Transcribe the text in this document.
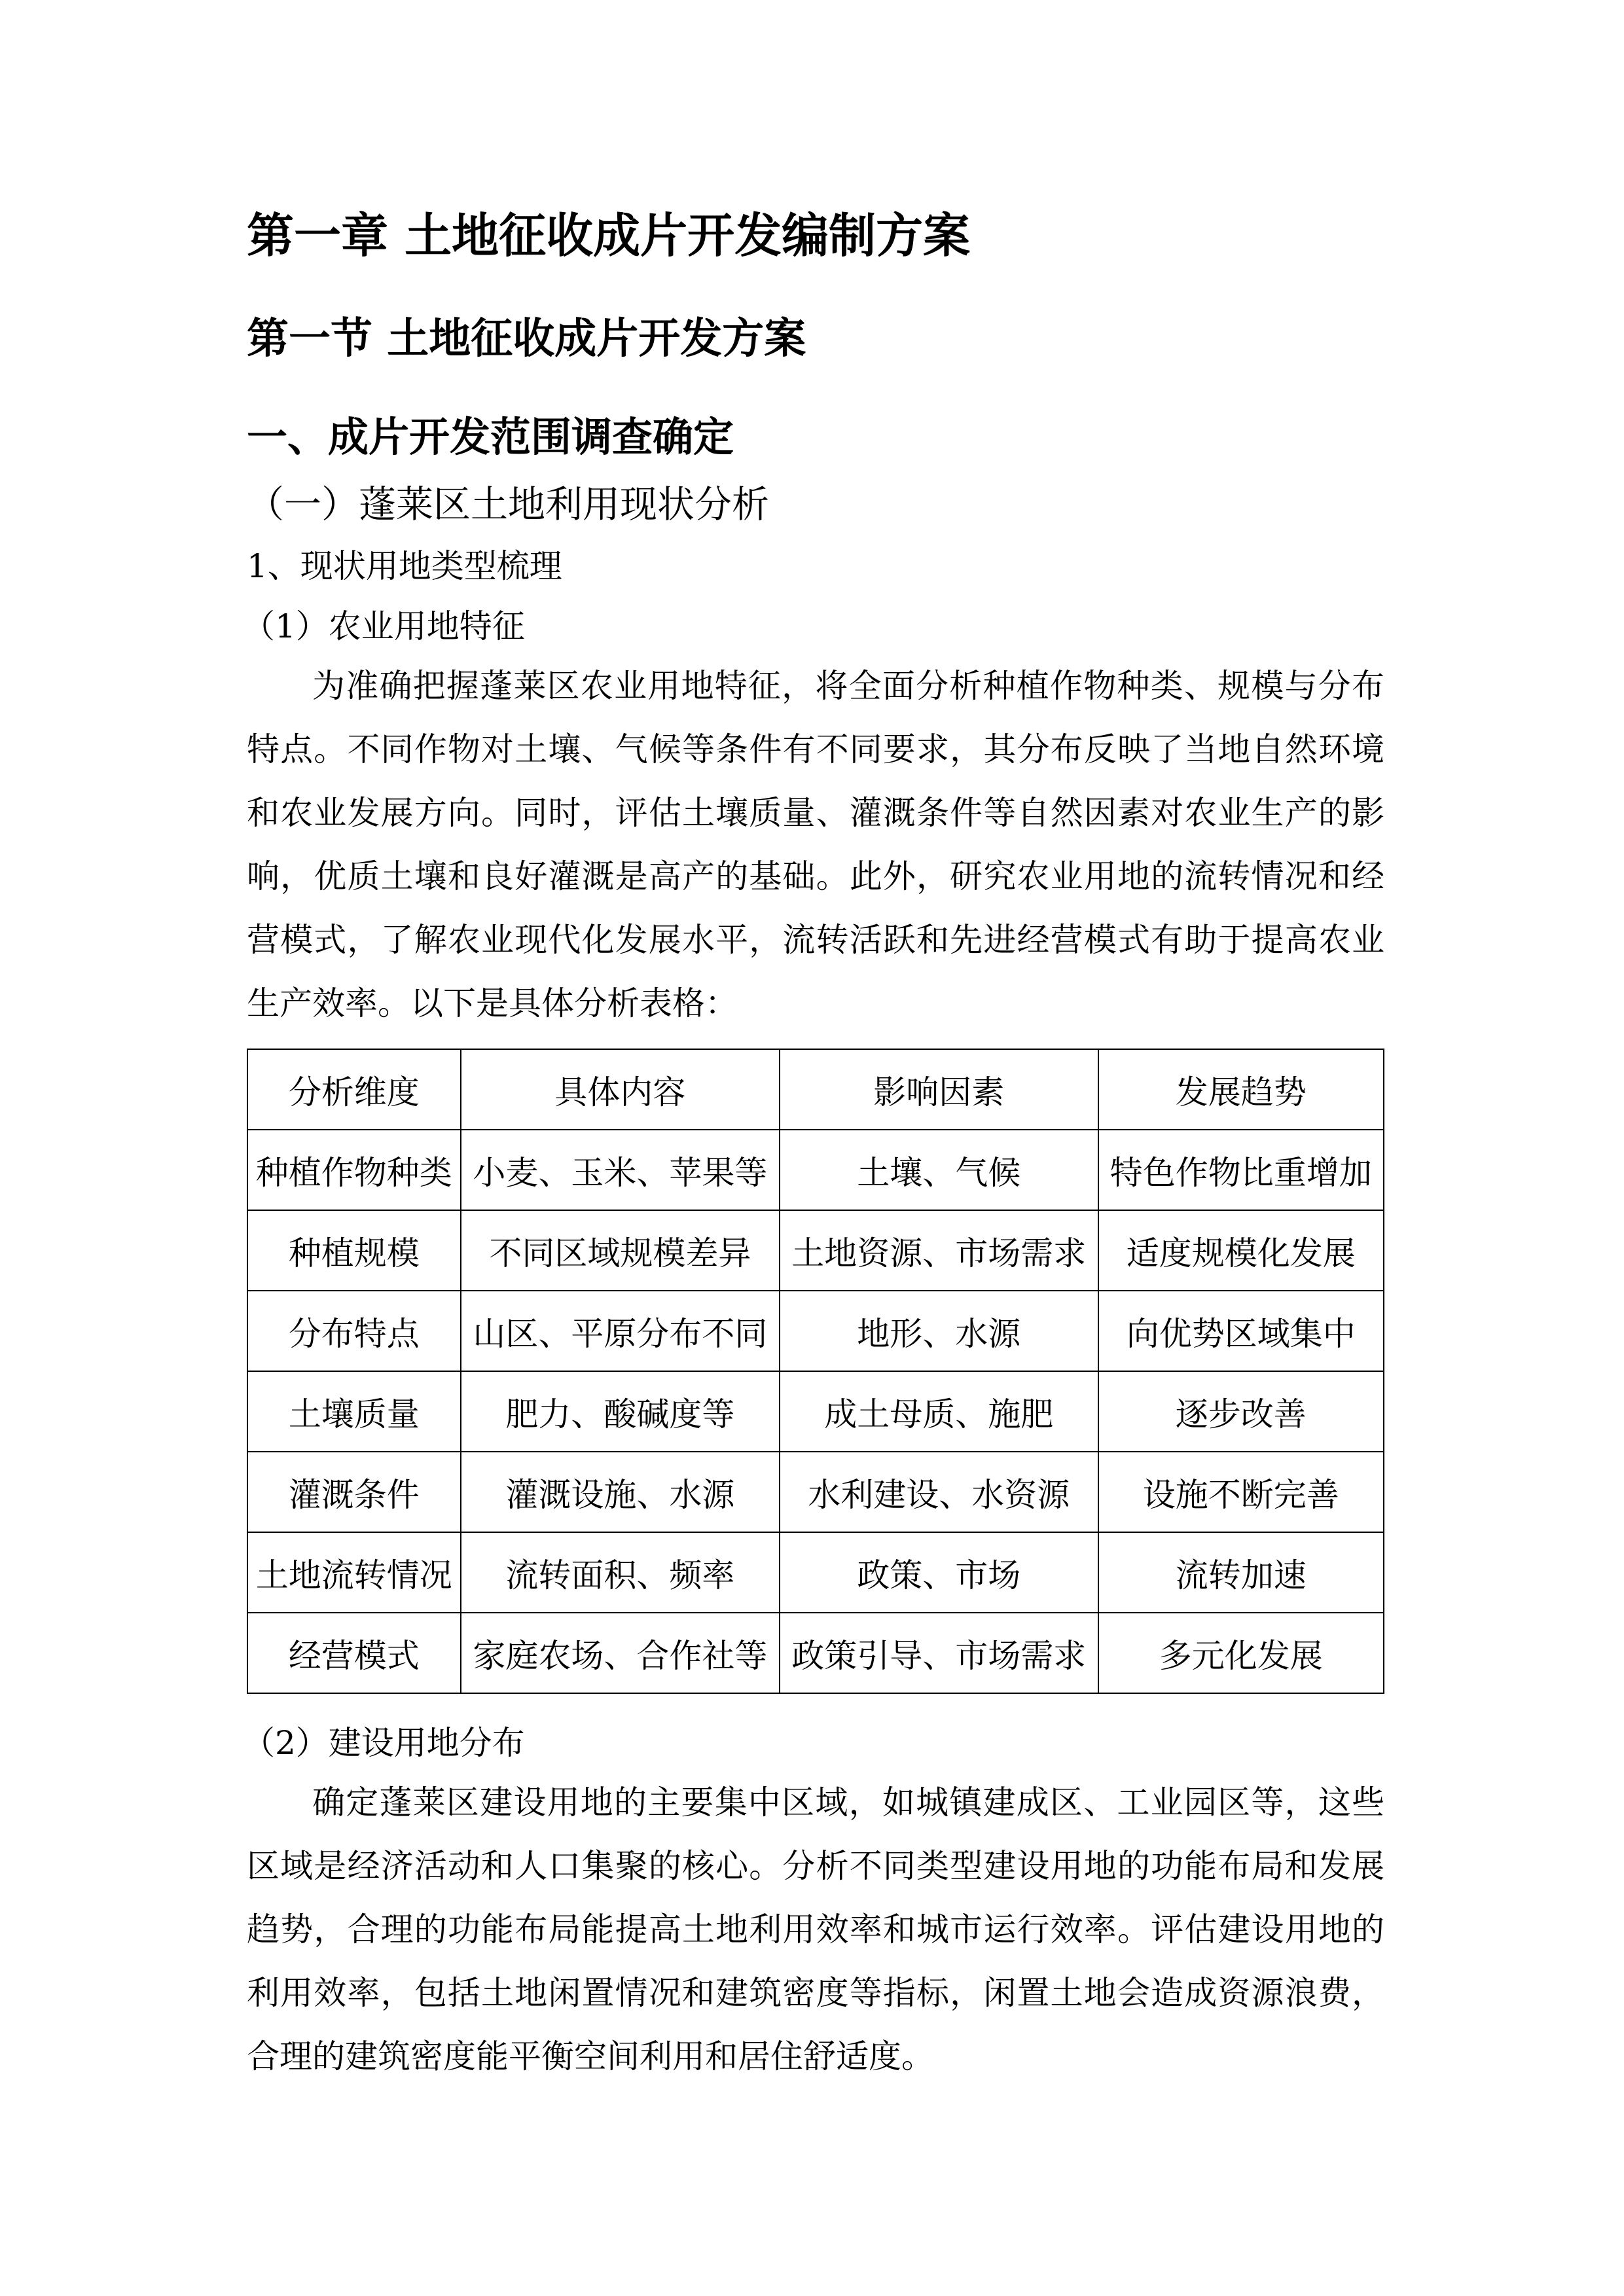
第一章 土地征收成片开发编制方案
第一节 土地征收成片开发方案
一、成片开发范围调查确定
（一）蓬莱区土地利用现状分析
1、现状用地类型梳理
（1）农业用地特征
为准确把握蓬莱区农业用地特征，将全面分析种植作物种类、规模与分布特点。不同作物对土壤、气候等条件有不同要求，其分布反映了当地自然环境和农业发展方向。同时，评估土壤质量、灌溉条件等自然因素对农业生产的影响，优质土壤和良好灌溉是高产的基础。此外，研究农业用地的流转情况和经营模式，了解农业现代化发展水平，流转活跃和先进经营模式有助于提高农业生产效率。以下是具体分析表格：
分析维度	具体内容	影响因素	发展趋势
种植作物种类	小麦、玉米、苹果等	土壤、气候	特色作物比重增加
种植规模	不同区域规模差异	土地资源、市场需求	适度规模化发展
分布特点	山区、平原分布不同	地形、水源	向优势区域集中
土壤质量	肥力、酸碱度等	成土母质、施肥	逐步改善
灌溉条件	灌溉设施、水源	水利建设、水资源	设施不断完善
土地流转情况	流转面积、频率	政策、市场	流转加速
经营模式	家庭农场、合作社等	政策引导、市场需求	多元化发展
（2）建设用地分布
确定蓬莱区建设用地的主要集中区域，如城镇建成区、工业园区等，这些区域是经济活动和人口集聚的核心。分析不同类型建设用地的功能布局和发展趋势，合理的功能布局能提高土地利用效率和城市运行效率。评估建设用地的利用效率，包括土地闲置情况和建筑密度等指标，闲置土地会造成资源浪费，合理的建筑密度能平衡空间利用和居住舒适度。
